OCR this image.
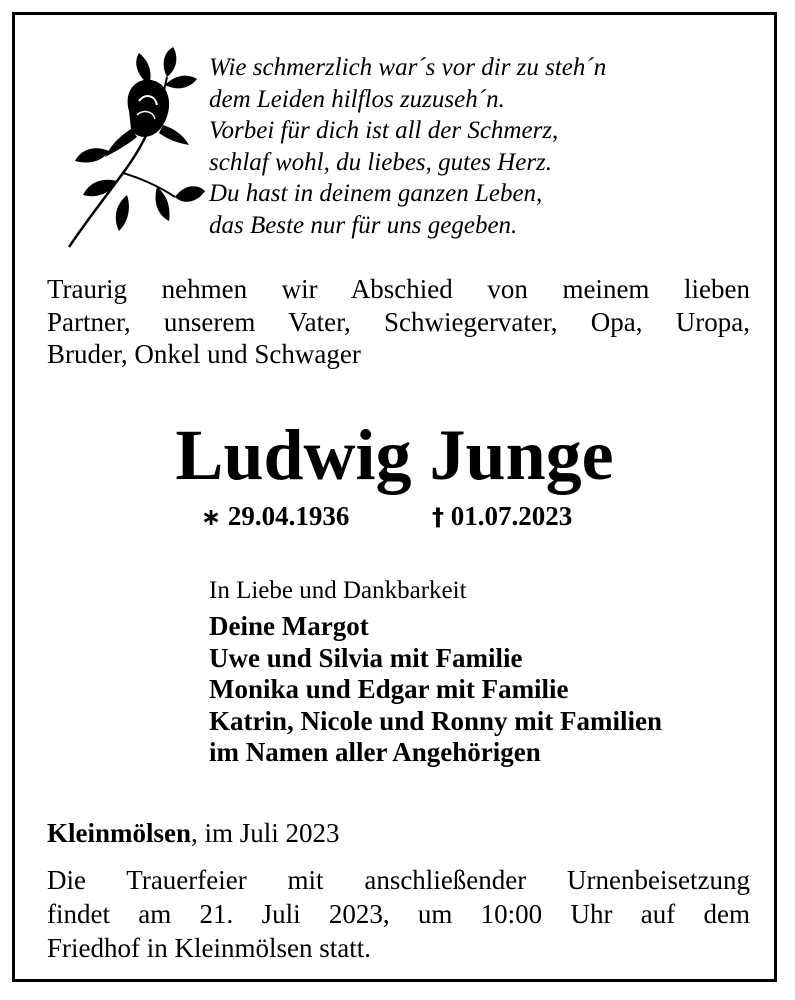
Wie schmerzlich war´s vor dir zu steh´n
dem Leiden hilflos zuzuseh´n.
Vorbei für dich ist all der Schmerz,
schlaf wohl, du liebes, gutes Herz.
Du hast in deinem ganzen Leben,
das Beste nur für uns gegeben.
Traurig nehmen wir Abschied von meinem lieben
Partner, unserem Vater, Schwiegervater, Opa, Uropa,
Bruder, Onkel und Schwager
Ludwig Junge
∗ 29.04.1936	† 01.07.2023
In Liebe und Dankbarkeit
Deine Margot
Uwe und Silvia mit Familie
Monika und Edgar mit Familie
Katrin, Nicole und Ronny mit Familien
im Namen aller Angehörigen
Kleinmölsen, im Juli 2023
Die Trauerfeier mit anschließender Urnenbeisetzung
findet am 21. Juli 2023, um 10:00 Uhr auf dem
Friedhof in Kleinmölsen statt.
